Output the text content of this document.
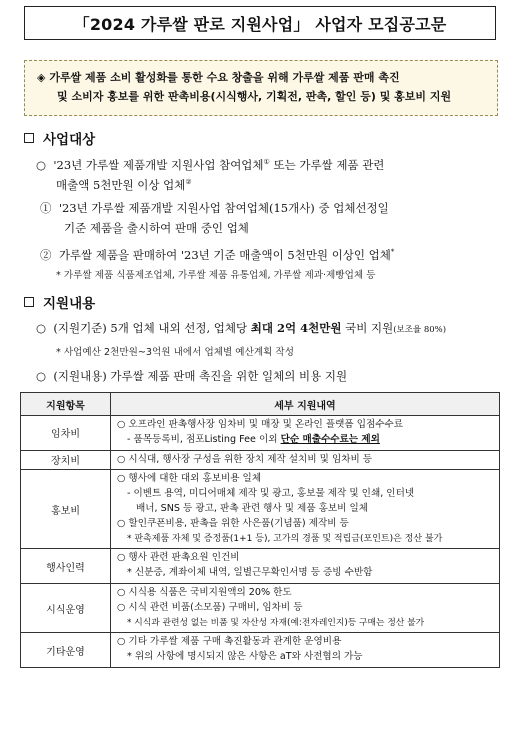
「2024 가루쌀 판로 지원사업」 사업자 모집공고문
◈ 가루쌀 제품 소비 활성화를 통한 수요 창출을 위해 가루쌀 제품 판매 촉진
및 소비자 홍보를 위한 판촉비용(시식행사, 기획전, 판촉, 할인 등) 및 홍보비 지원
사업대상
○ '23년 가루쌀 제품개발 지원사업 참여업체① 또는 가루쌀 제품 관련
매출액 5천만원 이상 업체②
① '23년 가루쌀 제품개발 지원사업 참여업체(15개사) 중 업체선정일
기준 제품을 출시하여 판매 중인 업체
② 가루쌀 제품을 판매하여 '23년 기준 매출액이 5천만원 이상인 업체*
* 가루쌀 제품 식품제조업체, 가루쌀 제품 유통업체, 가루쌀 제과·제빵업체 등
지원내용
○ (지원기준) 5개 업체 내외 선정, 업체당 최대 2억 4천만원 국비 지원(보조율 80%)
* 사업예산 2천만원~3억원 내에서 업체별 예산계획 작성
○ (지원내용) 가루쌀 제품 판매 촉진을 위한 일체의 비용 지원
지원항목	세부 지원내역
임차비	○ 오프라인 판촉행사장 임차비 및 매장 및 온라인 플랫폼 입점수수료
- 품목등록비, 점포Listing Fee 이외 단순 매출수수료는 제외

장치비	○ 시식대, 행사장 구성을 위한 장치 제작 설치비 및 임차비 등

홍보비	○ 행사에 대한 대외 홍보비용 일체
- 이벤트 용역, 미디어매체 제작 및 광고, 홍보물 제작 및 인쇄, 인터넷
배너, SNS 등 광고, 판촉 관련 행사 및 제품 홍보비 일체
○ 할인쿠폰비용, 판촉을 위한 사은품(기념품) 제작비 등
* 판촉제품 자체 및 증정품(1+1 등), 고가의 경품 및 적립금(포인트)은 정산 불가

행사인력	○ 행사 관련 판촉요원 인건비
* 신분증, 계좌이체 내역, 일별근무확인서명 등 증빙 수반함

시식운영	○ 시식용 식품은 국비지원액의 20% 한도
○ 시식 관련 비품(소모품) 구매비, 임차비 등
* 시식과 관련성 없는 비품 및 자산성 자재(예:전자레인지)등 구매는 정산 불가

기타운영	○ 기타 가루쌀 제품 구매 촉진활동과 관계한 운영비용
* 위의 사항에 명시되지 않은 사항은 aT와 사전협의 가능
